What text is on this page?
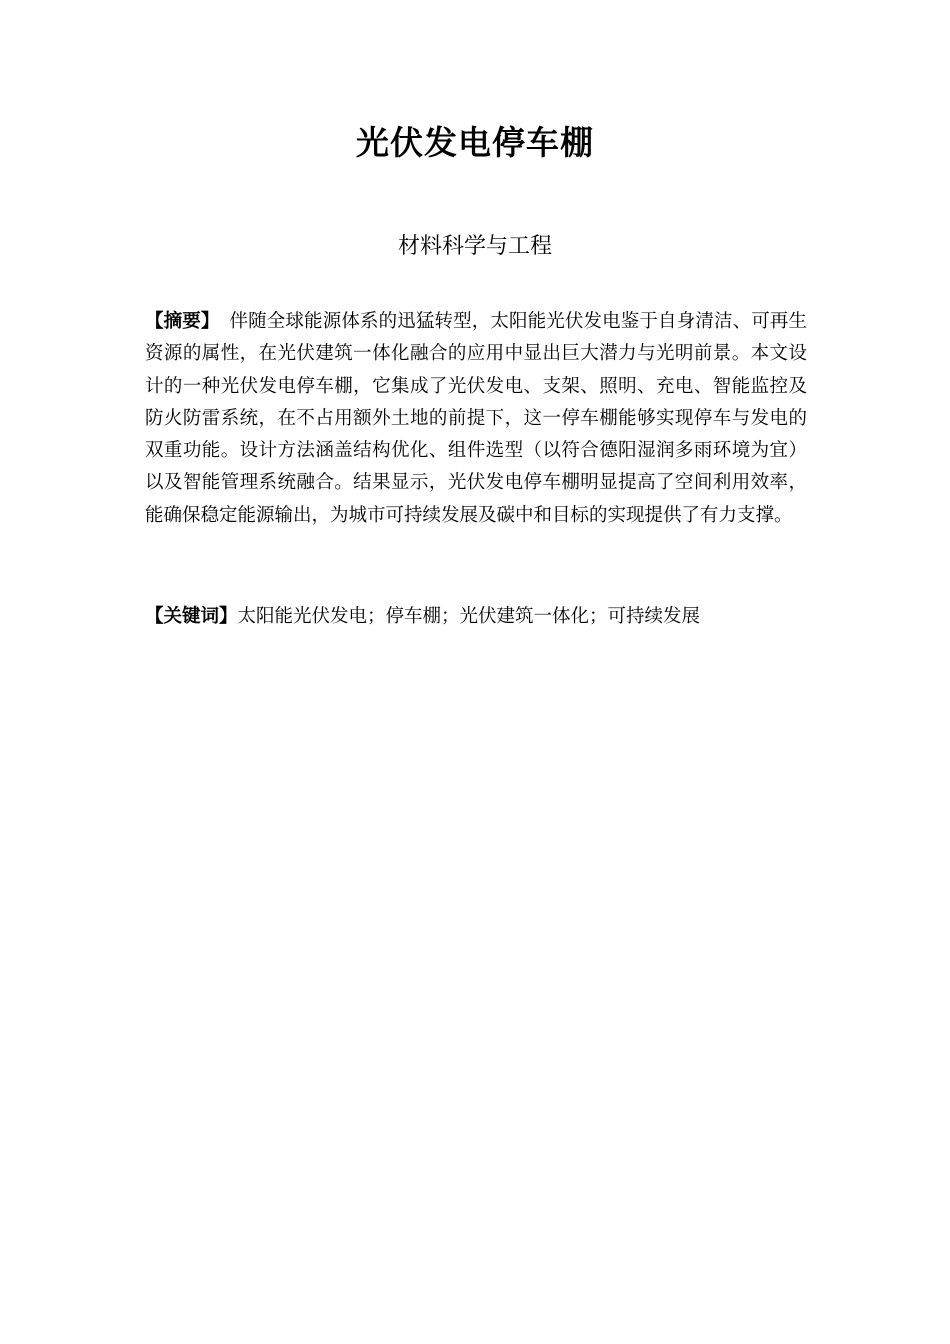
光伏发电停车棚
材料科学与工程
【摘要】 伴随全球能源体系的迅猛转型，太阳能光伏发电鉴于自身清洁、可再生资源的属性，在光伏建筑一体化融合的应用中显出巨大潜力与光明前景。本文设计的一种光伏发电停车棚，它集成了光伏发电、支架、照明、充电、智能监控及防火防雷系统，在不占用额外土地的前提下，这一停车棚能够实现停车与发电的双重功能。设计方法涵盖结构优化、组件选型（以符合德阳湿润多雨环境为宜）以及智能管理系统融合。结果显示，光伏发电停车棚明显提高了空间利用效率，能确保稳定能源输出，为城市可持续发展及碳中和目标的实现提供了有力支撑。
【关键词】太阳能光伏发电；停车棚；光伏建筑一体化；可持续发展
